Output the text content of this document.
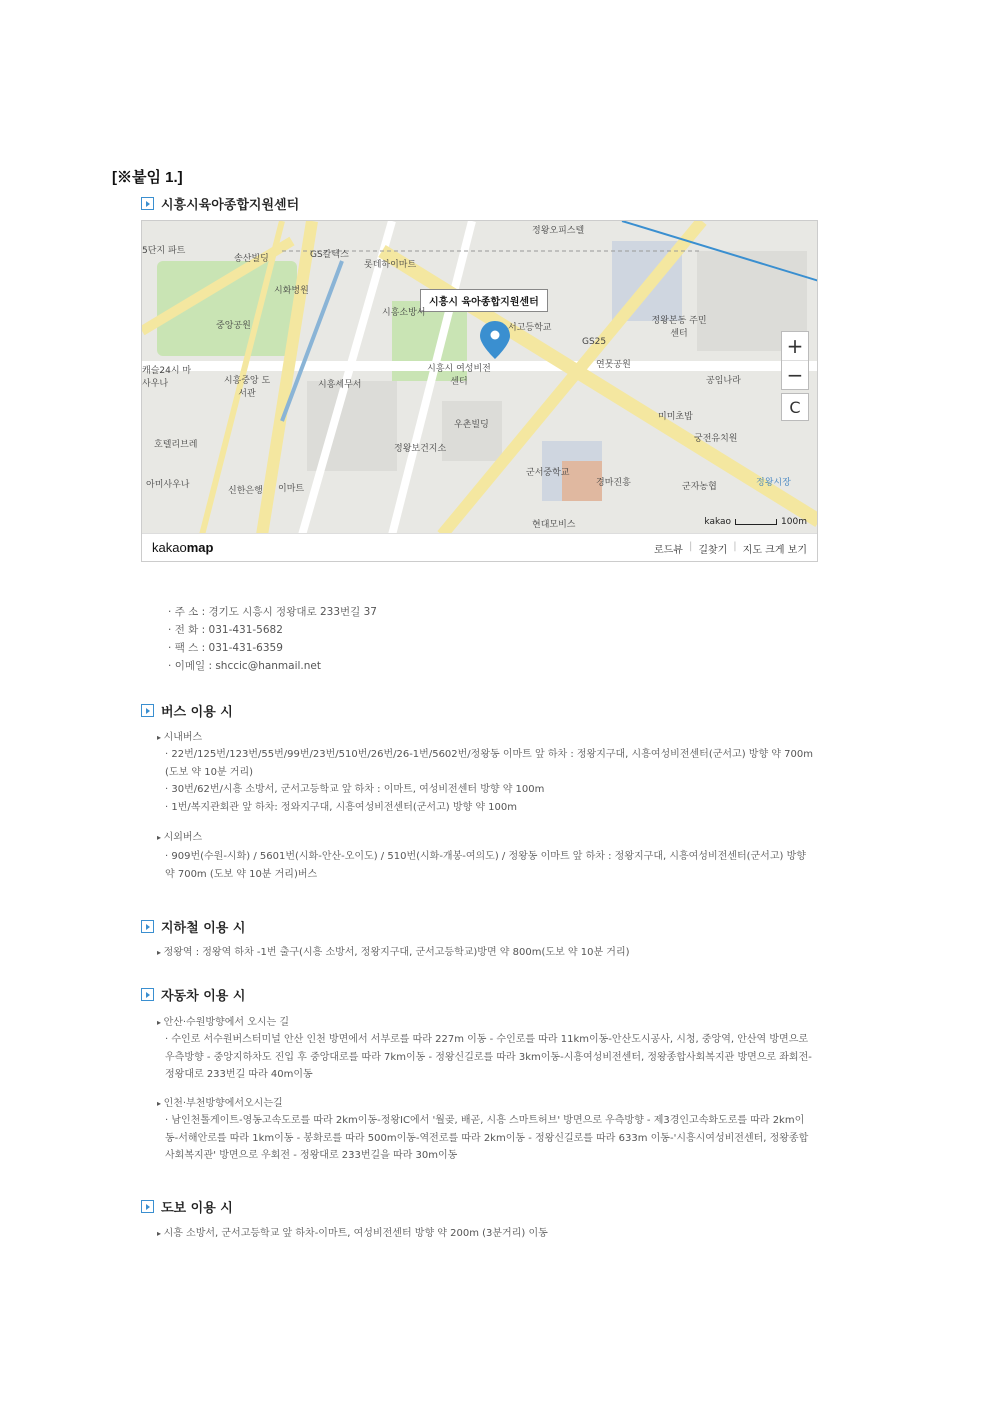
[※붙임 1.]
시흥시육아종합지원센터
시흥시 육아종합지원센터
정왕오피스텔
5단지 파트
송산빌딩	GS칼텍스
롯데하이마트
시화병원
중앙공원
시흥소방서
서고등학교
GS25
정왕본동 주민센터
캐슬24시 마사우나	시흥중앙 도서관
시흥세무서
시흥시 여성비전센터
연못공원
공임나라
우촌빌딩
미미초밥
호텔리브레	정왕보건지소
궁전유치원
군서중학교
경마진흥	군자농협	정왕시장
아미사우나
신한은행 이마트
현대모비스
+
−
C
kakao	100m
kakaomap	로드뷰 | 길찾기 | 지도 크게 보기
· 주 소 : 경기도 시흥시 정왕대로 233번길 37
· 전 화 : 031-431-5682
· 팩 스 : 031-431-6359
· 이메일 : shccic@hanmail.net
버스 이용 시
▸ 시내버스
· 22번/125번/123번/55번/99번/23번/510번/26번/26-1번/5602번/정왕동 이마트 앞 하차 : 정왕지구대, 시흥여성비전센터(군서고) 방향 약 700m (도보 약 10분 거리)
· 30번/62번/시흥 소방서, 군서고등학교 앞 하차 : 이마트, 여성비전센터 방향 약 100m
· 1번/복지관회관 앞 하차: 정와지구대, 시흥여성비전센터(군서고) 방향 약 100m
▸ 시외버스
· 909번(수원-시화) / 5601번(시화-안산-오이도) / 510번(시화-개봉-여의도) / 정왕동 이마트 앞 하차 : 정왕지구대, 시흥여성비전센터(군서고) 방향 약 700m (도보 약 10분 거리)버스
지하철 이용 시
▸ 정왕역 : 정왕역 하차 -1번 출구(시흥 소방서, 정왕지구대, 군서고등학교)방면 약 800m(도보 약 10분 거리)
자동차 이용 시
▸ 안산·수원방향에서 오시는 길
· 수인로 서수원버스터미널 안산 인천 방면에서 서부로를 따라 227m 이동 - 수인로를 따라 11km이동-안산도시공사, 시청, 중앙역, 안산역 방면으로 우측방향 - 중앙지하차도 진입 후 중앙대로를 따라 7km이동 - 정왕신길로를 따라 3km이동-시흥여성비전센터, 정왕종합사회복지관 방면으로 좌회전-정왕대로 233번길 따라 40m이동
▸ 인천·부천방향에서오시는길
· 남인천톨게이트-영동고속도로를 따라 2km이동-정왕IC에서 '월곶, 배곧, 시흥 스마트허브' 방면으로 우측방향 - 제3경인고속화도로를 따라 2km이동-서해안로를 따라 1km이동 - 봉화로를 따라 500m이동-역전로를 따라 2km이동 - 정왕신길로를 따라 633m 이동-'시흥시여성비전센터, 정왕종합사회복지관' 방면으로 우회전 - 정왕대로 233번길을 따라 30m이동
도보 이용 시
▸ 시흥 소방서, 군서고등학교 앞 하차-이마트, 여성비전센터 방향 약 200m (3분거리) 이동
